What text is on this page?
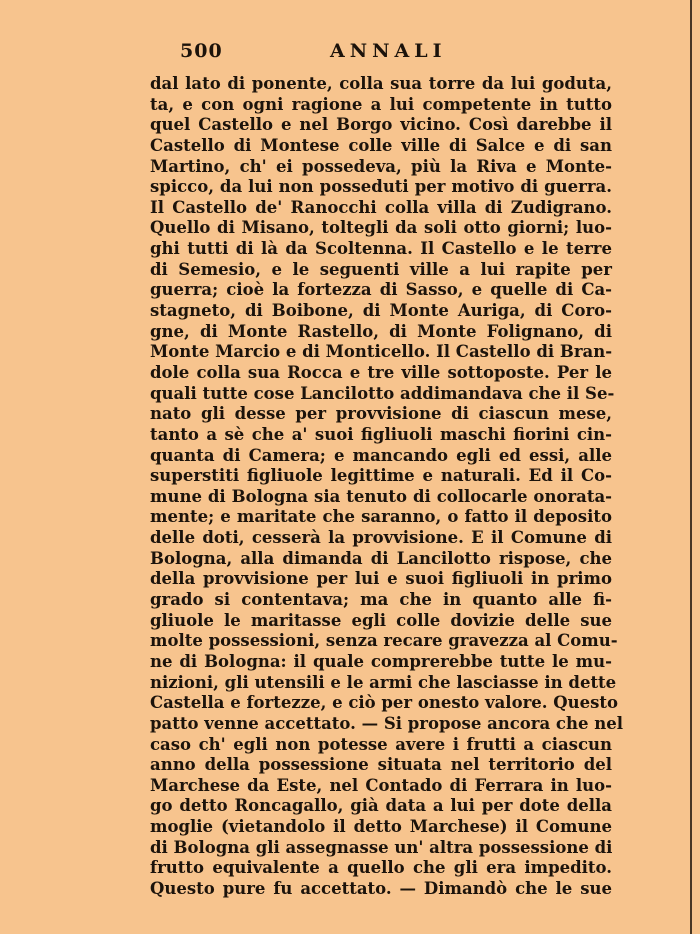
500	ANNALI
dal lato di ponente, colla sua torre da lui goduta,
ta, e con ogni ragione a lui competente in tutto
quel Castello e nel Borgo vicino. Così darebbe il
Castello di Montese colle ville di Salce e di san
Martino, ch' ei possedeva, più la Riva e Monte-
spicco, da lui non posseduti per motivo di guerra.
Il Castello de' Ranocchi colla villa di Zudigrano.
Quello di Misano, toltegli da soli otto giorni; luo-
ghi tutti di là da Scoltenna. Il Castello e le terre
di Semesio, e le seguenti ville a lui rapite per
guerra; cioè la fortezza di Sasso, e quelle di Ca-
stagneto, di Boibone, di Monte Auriga, di Coro-
gne, di Monte Rastello, di Monte Folignano, di
Monte Marcio e di Monticello. Il Castello di Bran-
dole colla sua Rocca e tre ville sottoposte. Per le
quali tutte cose Lancilotto addimandava che il Se-
nato gli desse per provvisione di ciascun mese,
tanto a sè che a' suoi figliuoli maschi fiorini cin-
quanta di Camera; e mancando egli ed essi, alle
superstiti figliuole legittime e naturali. Ed il Co-
mune di Bologna sia tenuto di collocarle onorata-
mente; e maritate che saranno, o fatto il deposito
delle doti, cesserà la provvisione. E il Comune di
Bologna, alla dimanda di Lancilotto rispose, che
della provvisione per lui e suoi figliuoli in primo
grado si contentava; ma che in quanto alle fi-
gliuole le maritasse egli colle dovizie delle sue
molte possessioni, senza recare gravezza al Comu-
ne di Bologna: il quale comprerebbe tutte le mu-
nizioni, gli utensili e le armi che lasciasse in dette
Castella e fortezze, e ciò per onesto valore. Questo
patto venne accettato. — Si propose ancora che nel
caso ch' egli non potesse avere i frutti a ciascun
anno della possessione situata nel territorio del
Marchese da Este, nel Contado di Ferrara in luo-
go detto Roncagallo, già data a lui per dote della
moglie (vietandolo il detto Marchese) il Comune
di Bologna gli assegnasse un' altra possessione di
frutto equivalente a quello che gli era impedito.
Questo pure fu accettato. — Dimandò che le sue
